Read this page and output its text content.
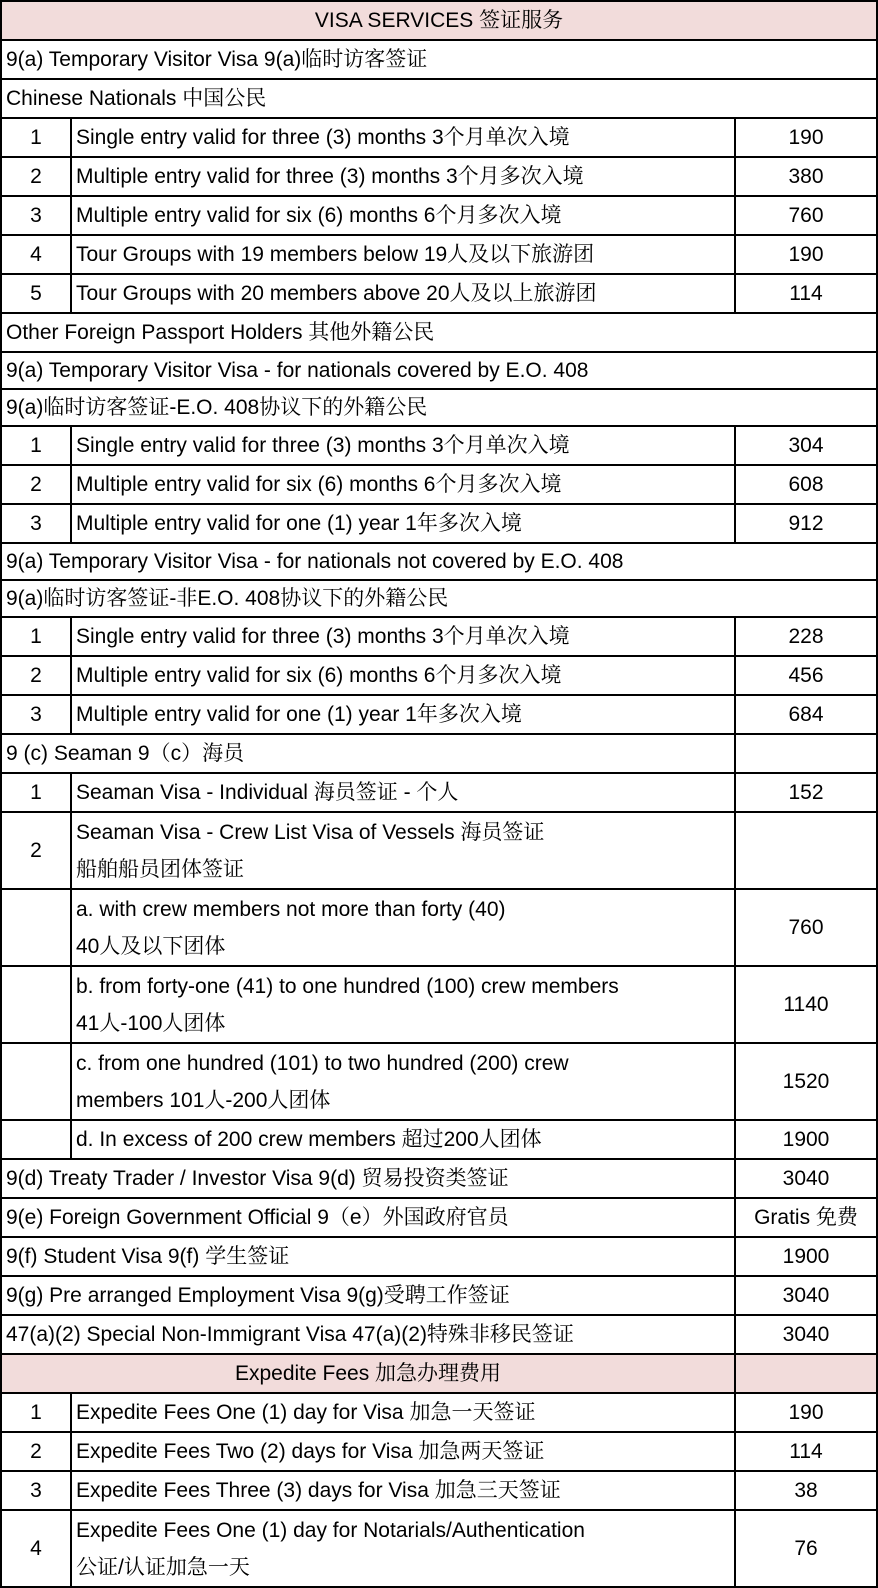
VISA SERVICES 签证服务		
9(a) Temporary Visitor Visa 9(a)临时访客签证		
Chinese Nationals 中国公民		
1	Single entry valid for three (3) months 3个月单次入境	190
2	Multiple entry valid for three (3) months 3个月多次入境	380
3	Multiple entry valid for six (6) months 6个月多次入境	760
4	Tour Groups with 19 members below 19人及以下旅游团	190
5	Tour Groups with 20 members above 20人及以上旅游团	114
Other Foreign Passport Holders 其他外籍公民		
9(a) Temporary Visitor Visa - for nationals covered by E.O. 408		
9(a)临时访客签证-E.O. 408协议下的外籍公民		
1	Single entry valid for three (3) months 3个月单次入境	304
2	Multiple entry valid for six (6) months 6个月多次入境	608
3	Multiple entry valid for one (1) year 1年多次入境	912
9(a) Temporary Visitor Visa - for nationals not covered by E.O. 408		
9(a)临时访客签证-非E.O. 408协议下的外籍公民		
1	Single entry valid for three (3) months 3个月单次入境	228
2	Multiple entry valid for six (6) months 6个月多次入境	456
3	Multiple entry valid for one (1) year 1年多次入境	684
9 (c) Seaman 9（c）海员		
1	Seaman Visa - Individual 海员签证 - 个人	152
2	Seaman Visa - Crew List Visa of Vessels 海员签证
船舶船员团体签证	

	a. with crew members not more than forty (40)
40人及以下团体	760

	b. from forty-one (41) to one hundred (100) crew members
41人-100人团体	1140

	c. from one hundred (101) to two hundred (200) crew
members 101人-200人团体	1520
	d. In excess of 200 crew members 超过200人团体	1900
9(d) Treaty Trader / Investor Visa 9(d) 贸易投资类签证		3040
9(e) Foreign Government Official 9（e）外国政府官员		Gratis 免费
9(f) Student Visa 9(f) 学生签证		1900
9(g) Pre arranged Employment Visa 9(g)受聘工作签证		3040
47(a)(2) Special Non-Immigrant Visa 47(a)(2)特殊非移民签证		3040
Expedite Fees 加急办理费用		
1	Expedite Fees One (1) day for Visa 加急一天签证	190
2	Expedite Fees Two (2) days for Visa 加急两天签证	114
3	Expedite Fees Three (3) days for Visa 加急三天签证	38
4	Expedite Fees One (1) day for Notarials/Authentication
公证/认证加急一天	76
